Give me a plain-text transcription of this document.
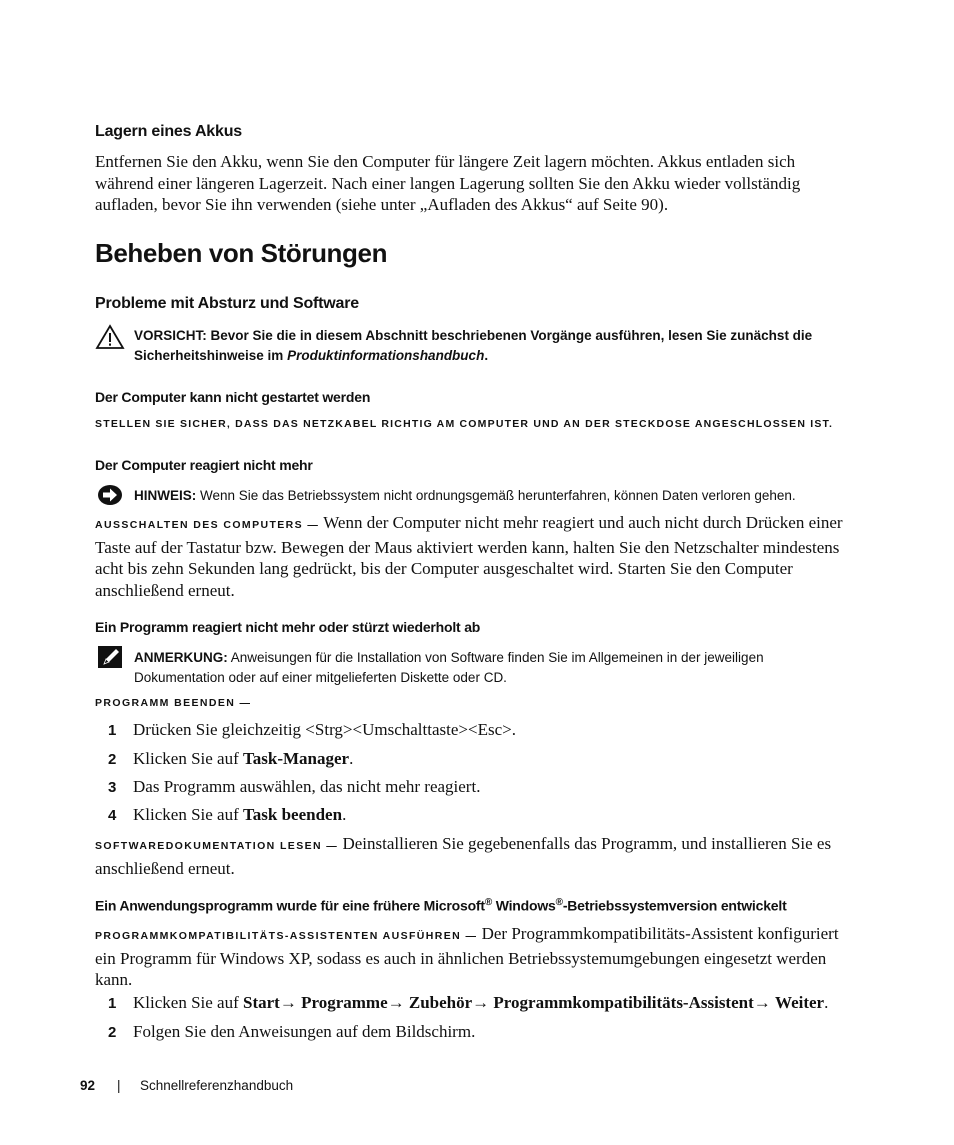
Lagern eines Akkus
Entfernen Sie den Akku, wenn Sie den Computer für längere Zeit lagern möchten. Akkus entladen sich während einer längeren Lagerzeit. Nach einer langen Lagerung sollten Sie den Akku wieder vollständig aufladen, bevor Sie ihn verwenden (siehe unter „Aufladen des Akkus“ auf Seite 90).
Beheben von Störungen
Probleme mit Absturz und Software
VORSICHT: Bevor Sie die in diesem Abschnitt beschriebenen Vorgänge ausführen, lesen Sie zunächst die Sicherheitshinweise im Produktinformationshandbuch.
Der Computer kann nicht gestartet werden
STELLEN SIE SICHER, DASS DAS NETZKABEL RICHTIG AM COMPUTER UND AN DER STECKDOSE ANGESCHLOSSEN IST.
Der Computer reagiert nicht mehr
HINWEIS: Wenn Sie das Betriebssystem nicht ordnungsgemäß herunterfahren, können Daten verloren gehen.
AUSSCHALTEN DES COMPUTERS — Wenn der Computer nicht mehr reagiert und auch nicht durch Drücken einer Taste auf der Tastatur bzw. Bewegen der Maus aktiviert werden kann, halten Sie den Netzschalter mindestens acht bis zehn Sekunden lang gedrückt, bis der Computer ausgeschaltet wird. Starten Sie den Computer anschließend erneut.
Ein Programm reagiert nicht mehr oder stürzt wiederholt ab
ANMERKUNG: Anweisungen für die Installation von Software finden Sie im Allgemeinen in der jeweiligen Dokumentation oder auf einer mitgelieferten Diskette oder CD.
PROGRAMM BEENDEN —
1 Drücken Sie gleichzeitig <Strg><Umschalttaste><Esc>.
2 Klicken Sie auf Task-Manager.
3 Das Programm auswählen, das nicht mehr reagiert.
4 Klicken Sie auf Task beenden.
SOFTWAREDOKUMENTATION LESEN — Deinstallieren Sie gegebenenfalls das Programm, und installieren Sie es anschließend erneut.
Ein Anwendungsprogramm wurde für eine frühere Microsoft® Windows®-Betriebssystemversion entwickelt
PROGRAMMKOMPATIBILITÄTS-ASSISTENTEN AUSFÜHREN — Der Programmkompatibilitäts-Assistent konfiguriert ein Programm für Windows XP, sodass es auch in ähnlichen Betriebssystemumgebungen eingesetzt werden kann.
1 Klicken Sie auf Start→ Programme→ Zubehör→ Programmkompatibilitäts-Assistent→ Weiter.
2 Folgen Sie den Anweisungen auf dem Bildschirm.
92 | Schnellreferenzhandbuch
